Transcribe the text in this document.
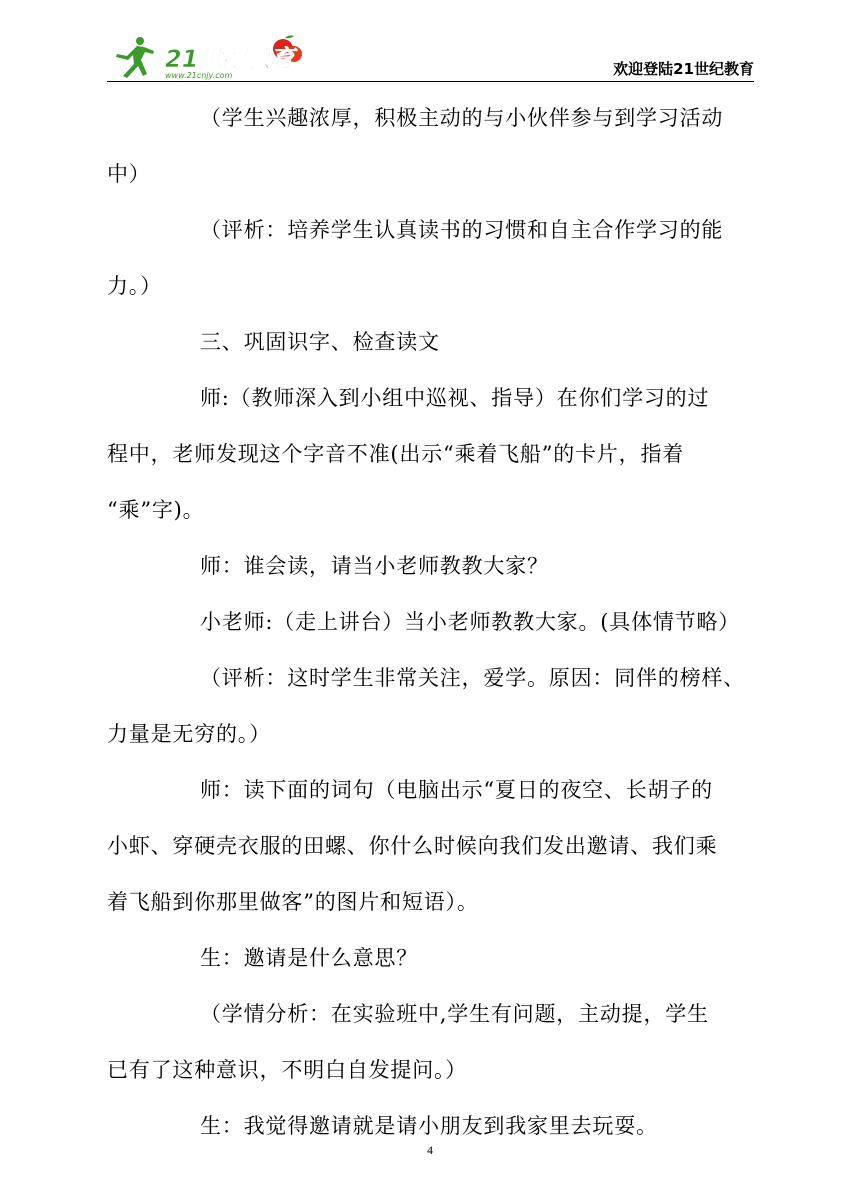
21世纪教育
www.21cnjy.com	欢迎登陆21世纪教育
（学生兴趣浓厚，积极主动的与小伙伴参与到学习活动
中）
（评析：培养学生认真读书的习惯和自主合作学习的能
力。）
三、巩固识字、检查读文
师:（教师深入到小组中巡视、指导）在你们学习的过
程中，老师发现这个字音不准(出示“乘着飞船”的卡片，指着
“乘”字)。
师：谁会读，请当小老师教教大家？
小老师:（走上讲台）当小老师教教大家。(具体情节略）
（评析：这时学生非常关注，爱学。原因：同伴的榜样、
力量是无穷的。）
师：读下面的词句（电脑出示“夏日的夜空、长胡子的
小虾、穿硬壳衣服的田螺、你什么时候向我们发出邀请、我们乘
着飞船到你那里做客”的图片和短语）。
生：邀请是什么意思？
（学情分析：在实验班中,学生有问题，主动提，学生
已有了这种意识，不明白自发提问。）
生：我觉得邀请就是请小朋友到我家里去玩耍。
4
